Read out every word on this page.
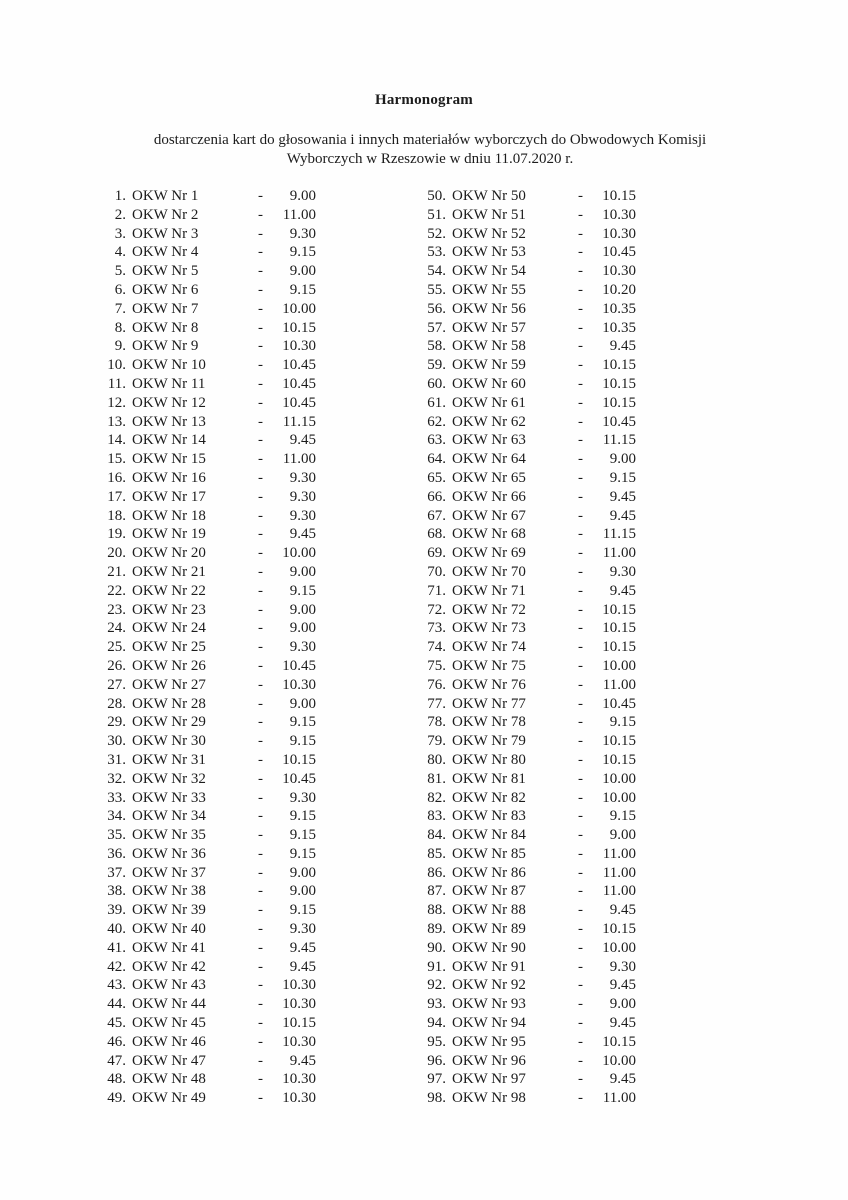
Harmonogram
dostarczenia kart do głosowania i innych materiałów wyborczych do Obwodowych Komisji
Wyborczych w Rzeszowie w dniu 11.07.2020 r.
1. OKW Nr 1	-	9.00
2. OKW Nr 2	-	11.00
3. OKW Nr 3	-	9.30
4. OKW Nr 4	-	9.15
5. OKW Nr 5	-	9.00
6. OKW Nr 6	-	9.15
7. OKW Nr 7	-	10.00
8. OKW Nr 8	-	10.15
9. OKW Nr 9	-	10.30
10. OKW Nr 10	-	10.45
11. OKW Nr 11	-	10.45
12. OKW Nr 12	-	10.45
13. OKW Nr 13	-	11.15
14. OKW Nr 14	-	9.45
15. OKW Nr 15	-	11.00
16. OKW Nr 16	-	9.30
17. OKW Nr 17	-	9.30
18. OKW Nr 18	-	9.30
19. OKW Nr 19	-	9.45
20. OKW Nr 20	-	10.00
21. OKW Nr 21	-	9.00
22. OKW Nr 22	-	9.15
23. OKW Nr 23	-	9.00
24. OKW Nr 24	-	9.00
25. OKW Nr 25	-	9.30
26. OKW Nr 26	-	10.45
27. OKW Nr 27	-	10.30
28. OKW Nr 28	-	9.00
29. OKW Nr 29	-	9.15
30. OKW Nr 30	-	9.15
31. OKW Nr 31	-	10.15
32. OKW Nr 32	-	10.45
33. OKW Nr 33	-	9.30
34. OKW Nr 34	-	9.15
35. OKW Nr 35	-	9.15
36. OKW Nr 36	-	9.15
37. OKW Nr 37	-	9.00
38. OKW Nr 38	-	9.00
39. OKW Nr 39	-	9.15
40. OKW Nr 40	-	9.30
41. OKW Nr 41	-	9.45
42. OKW Nr 42	-	9.45
43. OKW Nr 43	-	10.30
44. OKW Nr 44	-	10.30
45. OKW Nr 45	-	10.15
46. OKW Nr 46	-	10.30
47. OKW Nr 47	-	9.45
48. OKW Nr 48	-	10.30
49. OKW Nr 49	-	10.30
50. OKW Nr 50	-	10.15
51. OKW Nr 51	-	10.30
52. OKW Nr 52	-	10.30
53. OKW Nr 53	-	10.45
54. OKW Nr 54	-	10.30
55. OKW Nr 55	-	10.20
56. OKW Nr 56	-	10.35
57. OKW Nr 57	-	10.35
58. OKW Nr 58	-	9.45
59. OKW Nr 59	-	10.15
60. OKW Nr 60	-	10.15
61. OKW Nr 61	-	10.15
62. OKW Nr 62	-	10.45
63. OKW Nr 63	-	11.15
64. OKW Nr 64	-	9.00
65. OKW Nr 65	-	9.15
66. OKW Nr 66	-	9.45
67. OKW Nr 67	-	9.45
68. OKW Nr 68	-	11.15
69. OKW Nr 69	-	11.00
70. OKW Nr 70	-	9.30
71. OKW Nr 71	-	9.45
72. OKW Nr 72	-	10.15
73. OKW Nr 73	-	10.15
74. OKW Nr 74	-	10.15
75. OKW Nr 75	-	10.00
76. OKW Nr 76	-	11.00
77. OKW Nr 77	-	10.45
78. OKW Nr 78	-	9.15
79. OKW Nr 79	-	10.15
80. OKW Nr 80	-	10.15
81. OKW Nr 81	-	10.00
82. OKW Nr 82	-	10.00
83. OKW Nr 83	-	9.15
84. OKW Nr 84	-	9.00
85. OKW Nr 85	-	11.00
86. OKW Nr 86	-	11.00
87. OKW Nr 87	-	11.00
88. OKW Nr 88	-	9.45
89. OKW Nr 89	-	10.15
90. OKW Nr 90	-	10.00
91. OKW Nr 91	-	9.30
92. OKW Nr 92	-	9.45
93. OKW Nr 93	-	9.00
94. OKW Nr 94	-	9.45
95. OKW Nr 95	-	10.15
96. OKW Nr 96	-	10.00
97. OKW Nr 97	-	9.45
98. OKW Nr 98	-	11.00
